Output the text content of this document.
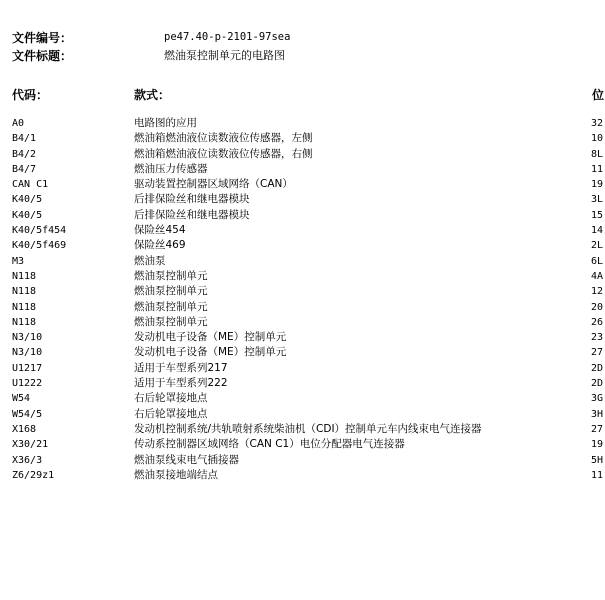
文件编号：	pe47.40-p-2101-97sea
文件标题：	燃油泵控制单元的电路图
代码：	款式：	位
A0	电路图的应用	32
B4/1	燃油箱燃油液位读数液位传感器，左侧	10
B4/2	燃油箱燃油液位读数液位传感器，右侧	8L
B4/7	燃油压力传感器	11
CAN C1	驱动装置控制器区域网络（CAN）	19
K40/5	后排保险丝和继电器模块	3L
K40/5	后排保险丝和继电器模块	15
K40/5f454	保险丝454	14
K40/5f469	保险丝469	2L
M3	燃油泵	6L
N118	燃油泵控制单元	4A
N118	燃油泵控制单元	12
N118	燃油泵控制单元	20
N118	燃油泵控制单元	26
N3/10	发动机电子设备（ME）控制单元	23
N3/10	发动机电子设备（ME）控制单元	27
U1217	适用于车型系列217	2D
U1222	适用于车型系列222	2D
W54	右后轮罩接地点	3G
W54/5	右后轮罩接地点	3H
X168	发动机控制系统/共轨喷射系统柴油机（CDI）控制单元车内线束电气连接器	27
X30/21	传动系控制器区域网络（CAN C1）电位分配器电气连接器	19
X36/3	燃油泵线束电气插接器	5H
Z6/29z1	燃油泵接地端结点	11
